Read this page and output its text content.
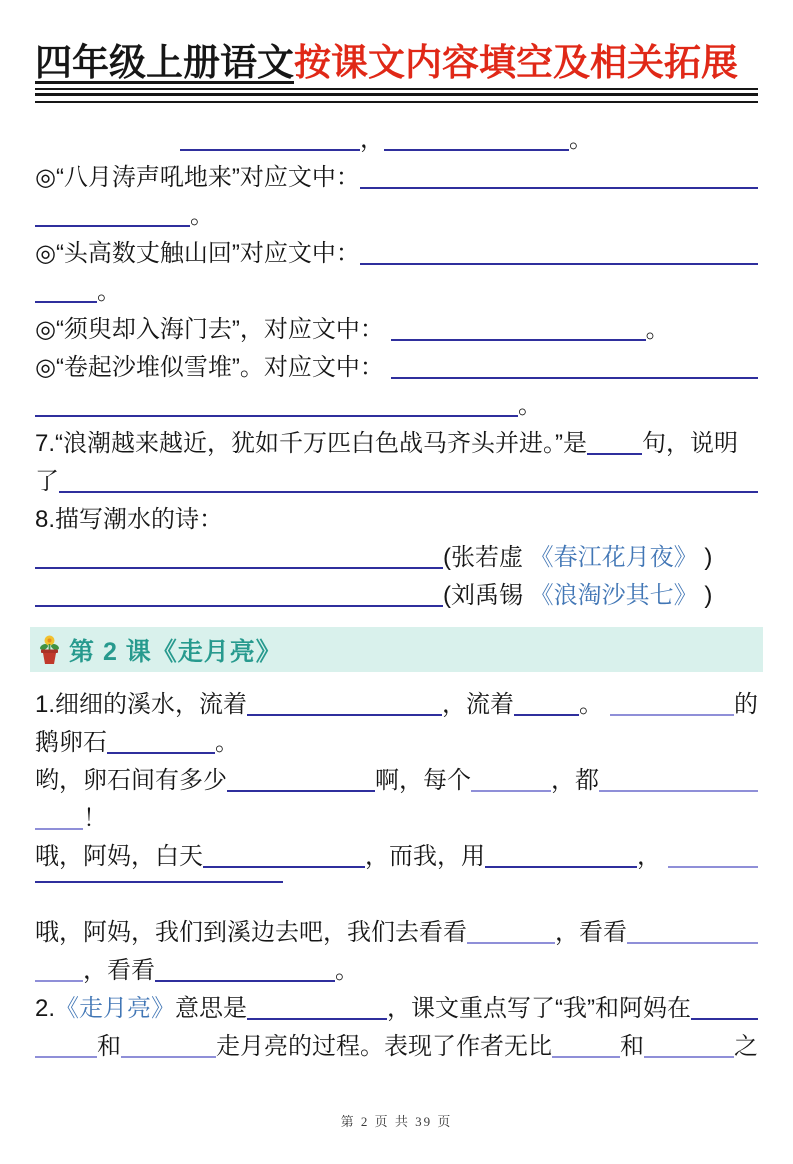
四年级上册语文按课文内容填空及相关拓展
，	。
◎“八月涛声吼地来”对应文中：
。
◎“头高数丈触山回”对应文中：
。
◎“须臾却入海门去”，对应文中：	。
◎“卷起沙堆似雪堆”。对应文中：
。
7.“浪潮越来越近，犹如千万匹白色战马齐头并进。”是 句，说明
了
8.描写潮水的诗：
(张若虚 《春江花月夜》 )
(刘禹锡 《浪淘沙其七》 )
第 2 课《走月亮》
1.细细的溪水，流着	，流着	。	的
鹅卵石	。
哟，卵石间有多少	啊，每个	，都
！
哦，阿妈，白天	，而我，用	，
哦，阿妈，我们到溪边去吧，我们去看看	，看看
，看看	。
2. 《走月亮》 意思是	，课文重点写了“我”和阿妈在
和	走月亮的过程。表现了作者无比	和	之
第 2 页 共 39 页
